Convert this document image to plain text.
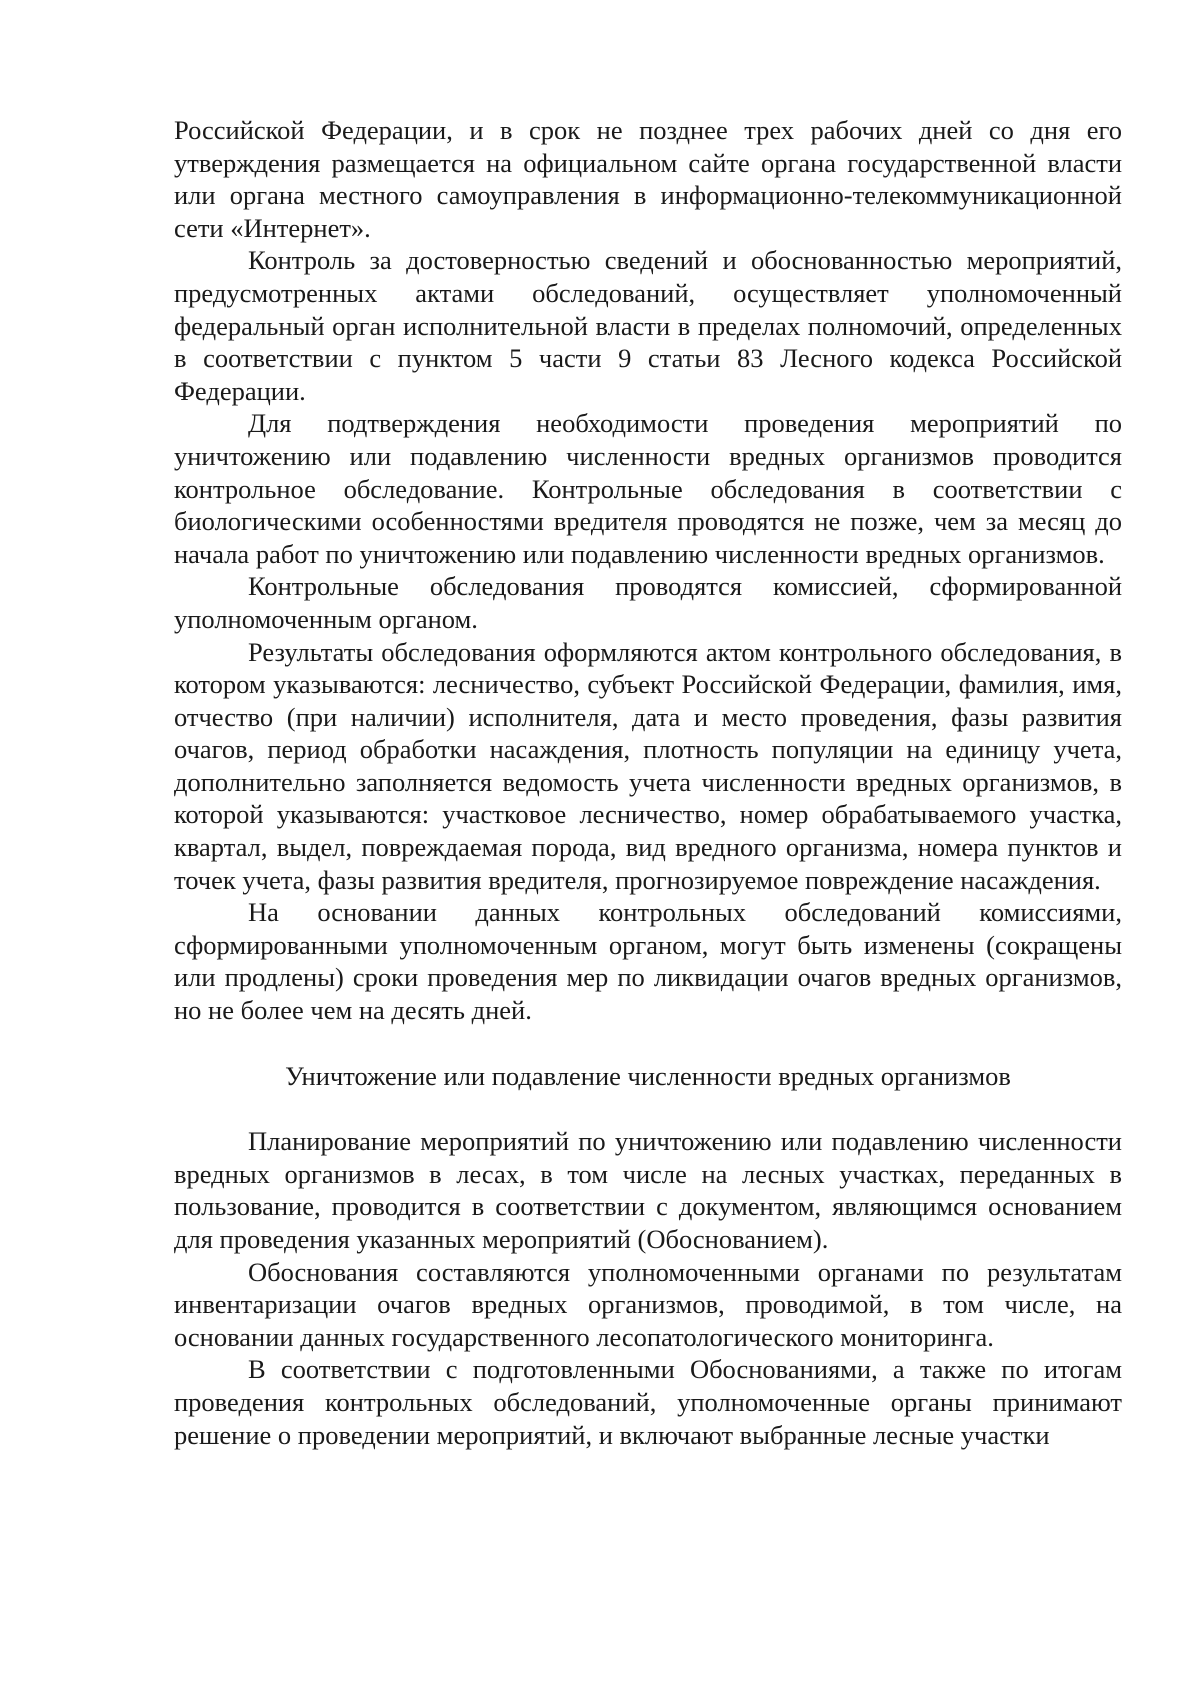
Российской Федерации, и в срок не позднее трех рабочих дней со дня его утверждения размещается на официальном сайте органа государственной власти или органа местного самоуправления в информационно-телекоммуникационной сети «Интернет».

Контроль за достоверностью сведений и обоснованностью мероприятий, предусмотренных актами обследований, осуществляет уполномоченный федеральный орган исполнительной власти в пределах полномочий, определенных в соответствии с пунктом 5 части 9 статьи 83 Лесного кодекса Российской Федерации.

Для подтверждения необходимости проведения мероприятий по уничтожению или подавлению численности вредных организмов проводится контрольное обследование. Контрольные обследования в соответствии с биологическими особенностями вредителя проводятся не позже, чем за месяц до начала работ по уничтожению или подавлению численности вредных организмов.

Контрольные обследования проводятся комиссией, сформированной уполномоченным органом.

Результаты обследования оформляются актом контрольного обследования, в котором указываются: лесничество, субъект Российской Федерации, фамилия, имя, отчество (при наличии) исполнителя, дата и место проведения, фазы развития очагов, период обработки насаждения, плотность популяции на единицу учета, дополнительно заполняется ведомость учета численности вредных организмов, в которой указываются: участковое лесничество, номер обрабатываемого участка, квартал, выдел, повреждаемая порода, вид вредного организма, номера пунктов и точек учета, фазы развития вредителя, прогнозируемое повреждение насаждения.

На основании данных контрольных обследований комиссиями, сформированными уполномоченным органом, могут быть изменены (сокращены или продлены) сроки проведения мер по ликвидации очагов вредных организмов, но не более чем на десять дней.

Уничтожение или подавление численности вредных организмов

Планирование мероприятий по уничтожению или подавлению численности вредных организмов в лесах, в том числе на лесных участках, переданных в пользование, проводится в соответствии с документом, являющимся основанием для проведения указанных мероприятий (Обоснованием).

Обоснования составляются уполномоченными органами по результатам инвентаризации очагов вредных организмов, проводимой, в том числе, на основании данных государственного лесопатологического мониторинга.

В соответствии с подготовленными Обоснованиями, а также по итогам проведения контрольных обследований, уполномоченные органы принимают решение о проведении мероприятий, и включают выбранные лесные участки
